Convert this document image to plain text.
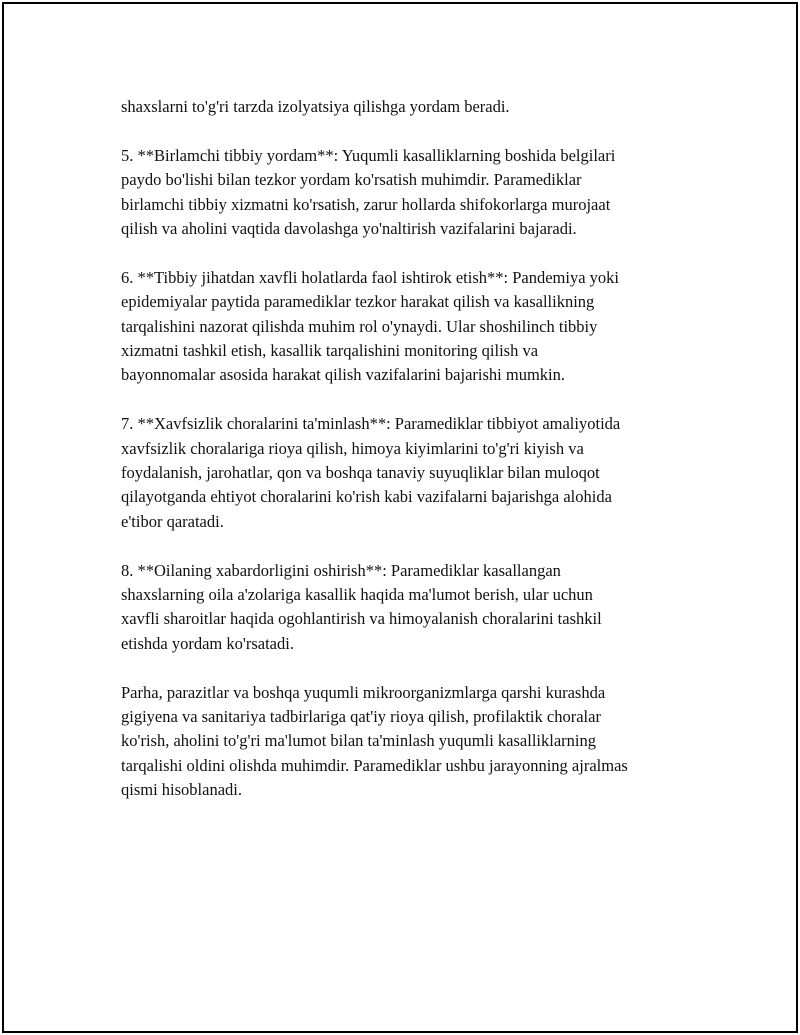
shaxslarni to'g'ri tarzda izolyatsiya qilishga yordam beradi.

5. **Birlamchi tibbiy yordam**: Yuqumli kasalliklarning boshida belgilari
paydo bo'lishi bilan tezkor yordam ko'rsatish muhimdir. Paramediklar
birlamchi tibbiy xizmatni ko'rsatish, zarur hollarda shifokorlarga murojaat
qilish va aholini vaqtida davolashga yo'naltirish vazifalarini bajaradi.

6. **Tibbiy jihatdan xavfli holatlarda faol ishtirok etish**: Pandemiya yoki
epidemiyalar paytida paramediklar tezkor harakat qilish va kasallikning
tarqalishini nazorat qilishda muhim rol o'ynaydi. Ular shoshilinch tibbiy
xizmatni tashkil etish, kasallik tarqalishini monitoring qilish va
bayonnomalar asosida harakat qilish vazifalarini bajarishi mumkin.

7. **Xavfsizlik choralarini ta'minlash**: Paramediklar tibbiyot amaliyotida
xavfsizlik choralariga rioya qilish, himoya kiyimlarini to'g'ri kiyish va
foydalanish, jarohatlar, qon va boshqa tanaviy suyuqliklar bilan muloqot
qilayotganda ehtiyot choralarini ko'rish kabi vazifalarni bajarishga alohida
e'tibor qaratadi.

8. **Oilaning xabardorligini oshirish**: Paramediklar kasallangan
shaxslarning oila a'zolariga kasallik haqida ma'lumot berish, ular uchun
xavfli sharoitlar haqida ogohlantirish va himoyalanish choralarini tashkil
etishda yordam ko'rsatadi.

Parha, parazitlar va boshqa yuqumli mikroorganizmlarga qarshi kurashda
gigiyena va sanitariya tadbirlariga qat'iy rioya qilish, profilaktik choralar
ko'rish, aholini to'g'ri ma'lumot bilan ta'minlash yuqumli kasalliklarning
tarqalishi oldini olishda muhimdir. Paramediklar ushbu jarayonning ajralmas
qismi hisoblanadi.
